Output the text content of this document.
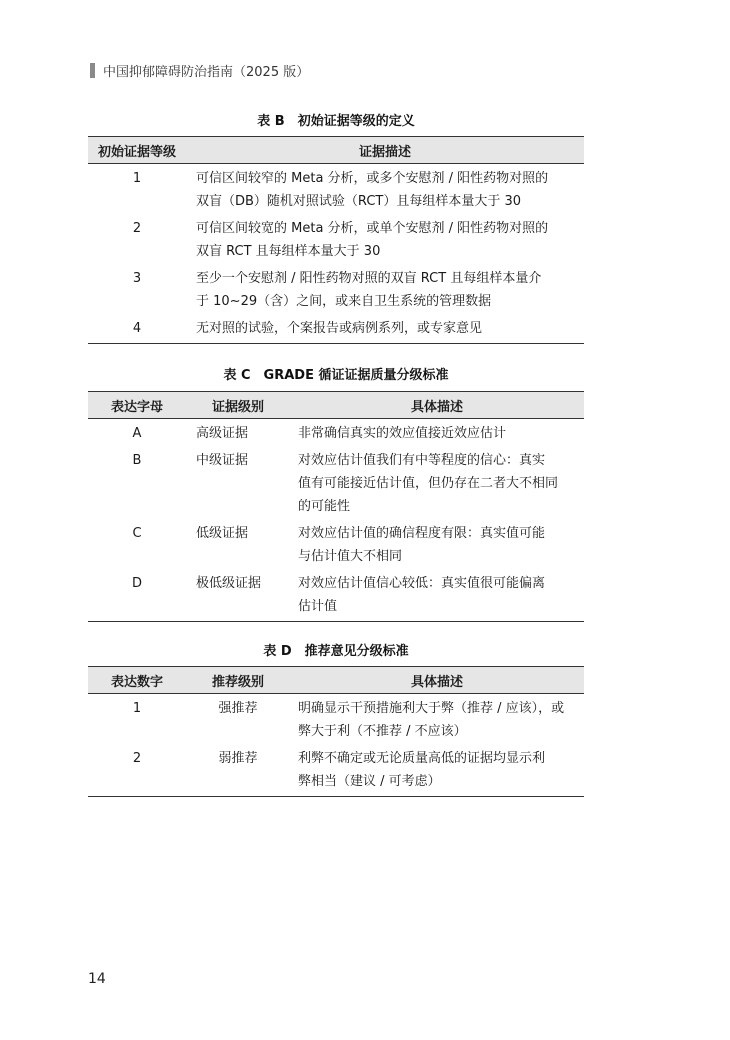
中国抑郁障碍防治指南（2025 版）
表 B　初始证据等级的定义
初始证据等级	证据描述
1	可信区间较窄的 Meta 分析，或多个安慰剂 / 阳性药物对照的
双盲（DB）随机对照试验（RCT）且每组样本量大于 30
2	可信区间较宽的 Meta 分析，或单个安慰剂 / 阳性药物对照的
双盲 RCT 且每组样本量大于 30
3	至少一个安慰剂 / 阳性药物对照的双盲 RCT 且每组样本量介
于 10~29（含）之间，或来自卫生系统的管理数据
4	无对照的试验，个案报告或病例系列，或专家意见
表 C　GRADE 循证证据质量分级标准
表达字母	证据级别	具体描述
A	高级证据	非常确信真实的效应值接近效应估计
B	中级证据	对效应估计值我们有中等程度的信心：真实
值有可能接近估计值，但仍存在二者大不相同
的可能性
C	低级证据	对效应估计值的确信程度有限：真实值可能
与估计值大不相同
D	极低级证据	对效应估计值信心较低：真实值很可能偏离
估计值
表 D　推荐意见分级标准
表达数字	推荐级别	具体描述
1	强推荐	明确显示干预措施利大于弊（推荐 / 应该），或
弊大于利（不推荐 / 不应该）
2	弱推荐	利弊不确定或无论质量高低的证据均显示利
弊相当（建议 / 可考虑）
14
